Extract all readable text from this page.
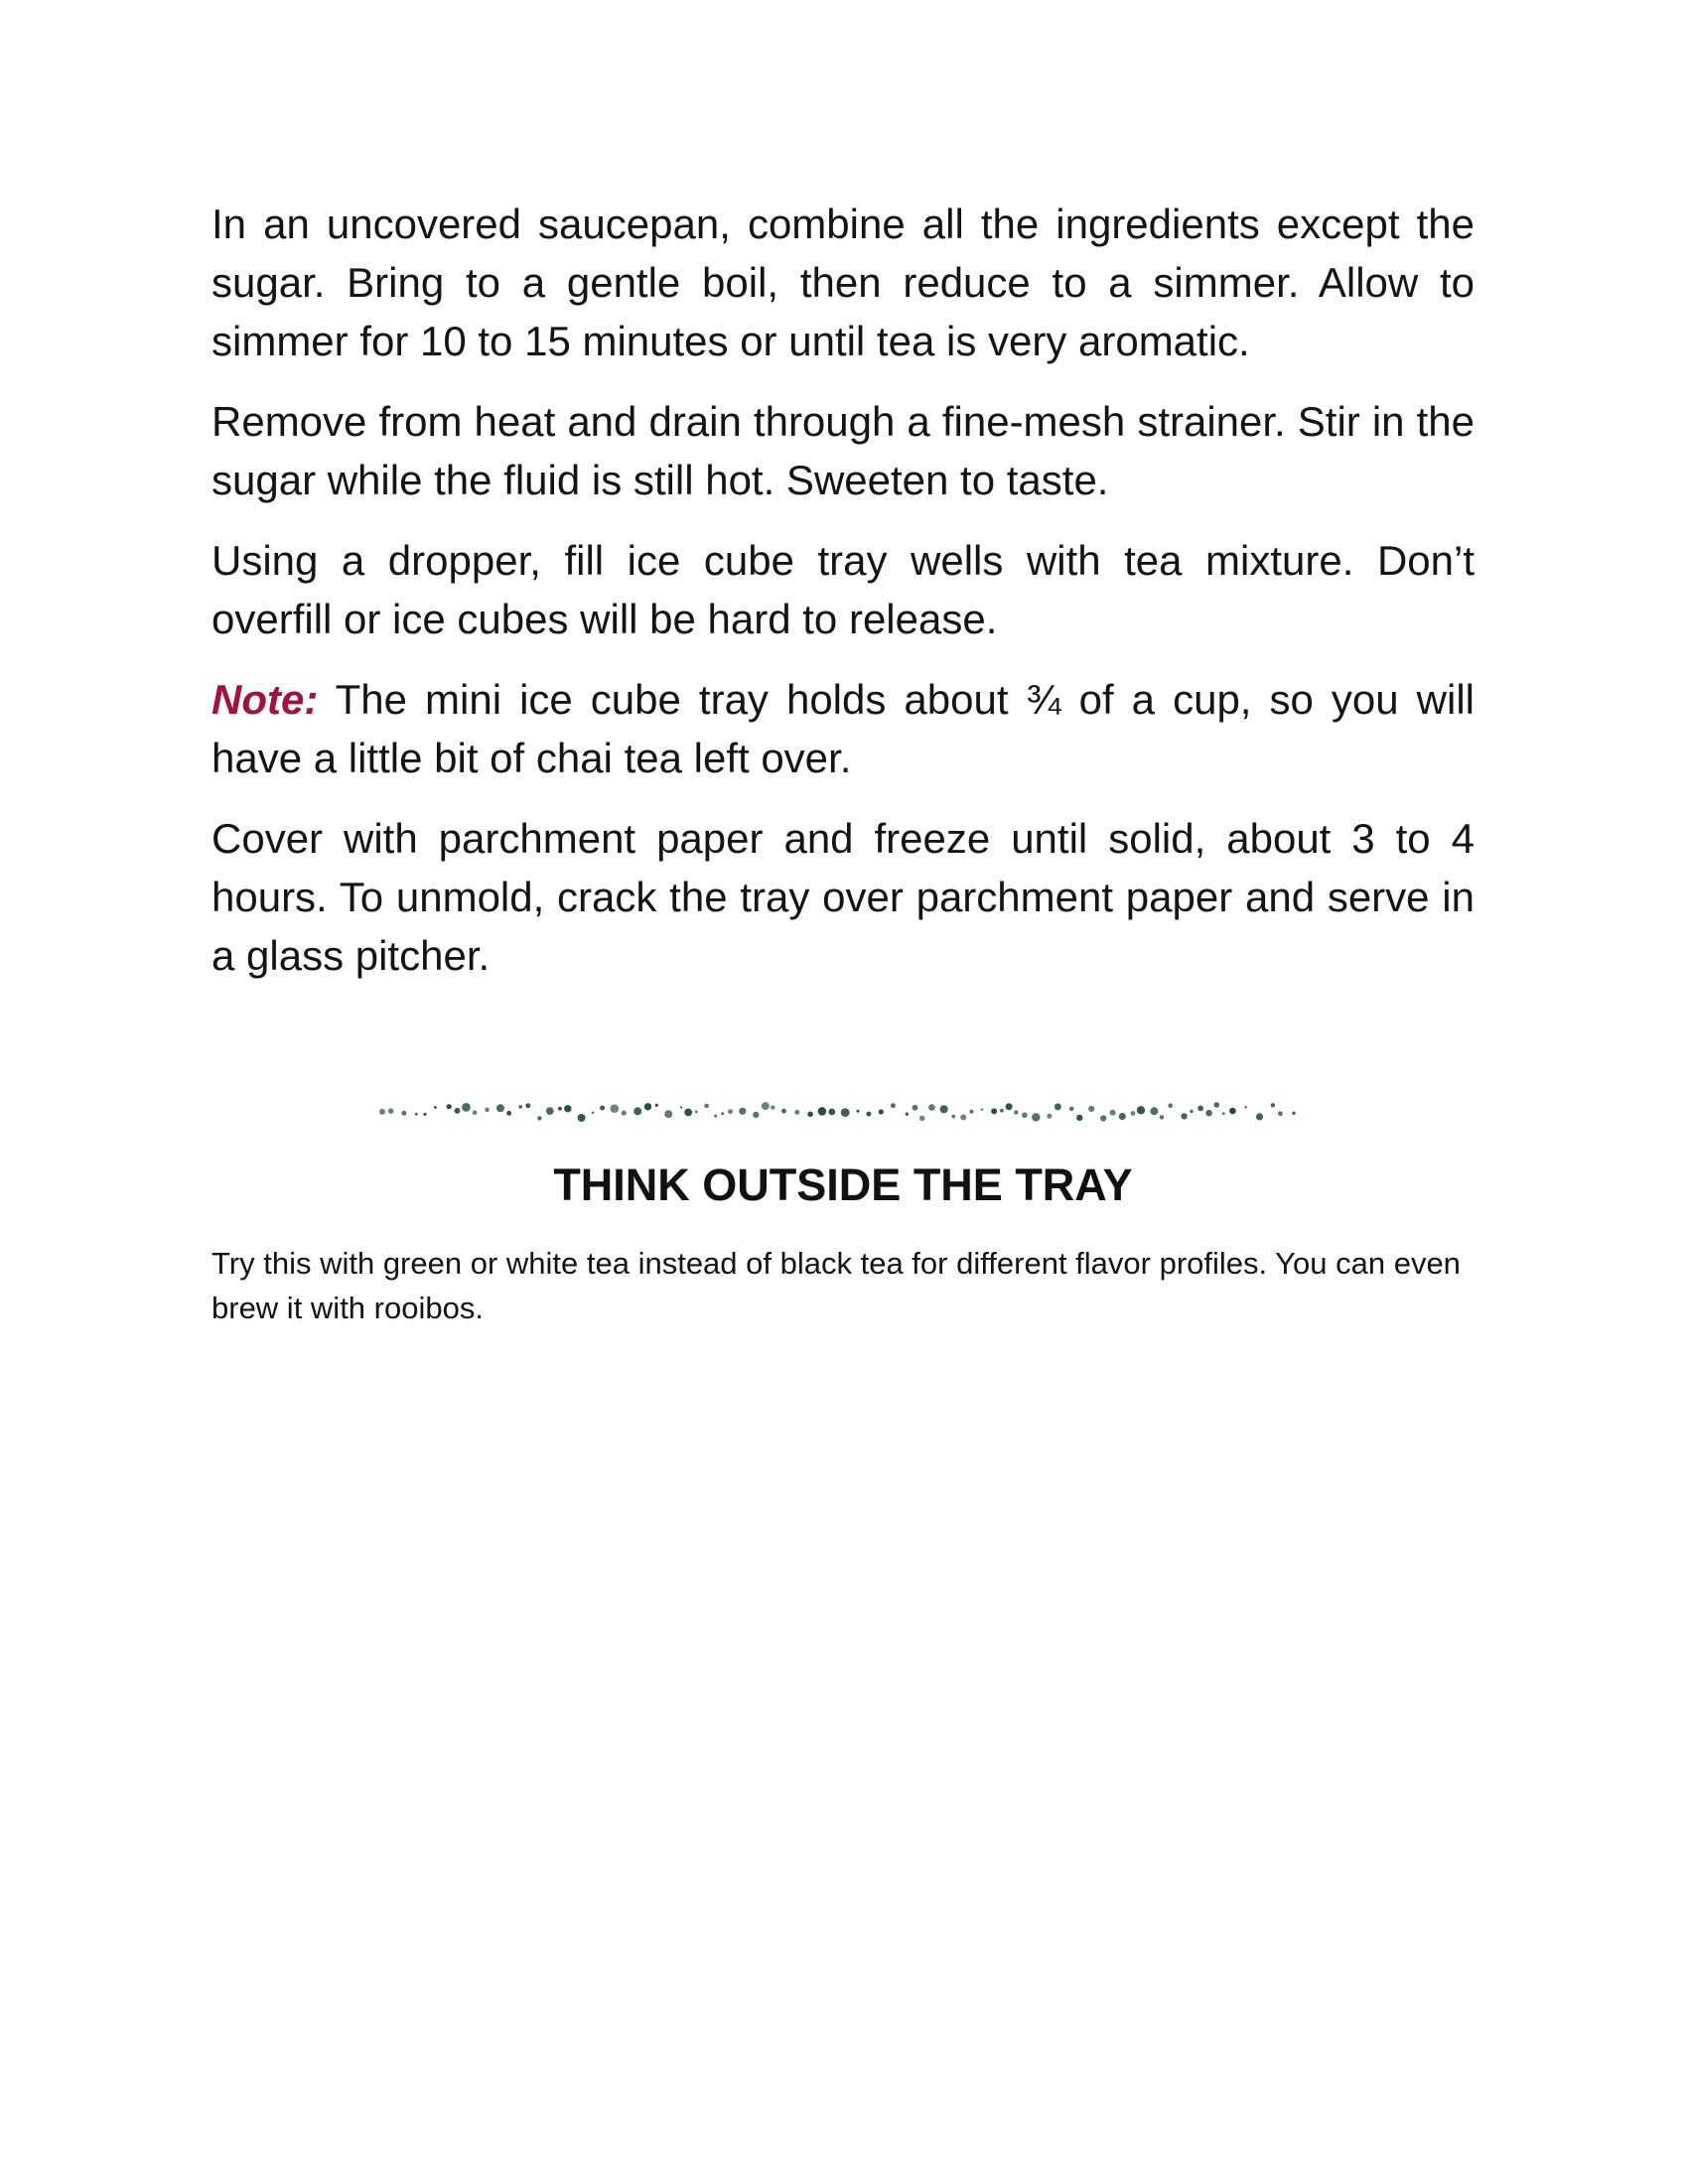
In an uncovered saucepan, combine all the ingredients except the sugar. Bring to a gentle boil, then reduce to a simmer. Allow to simmer for 10 to 15 minutes or until tea is very aromatic.

Remove from heat and drain through a fine-mesh strainer. Stir in the sugar while the fluid is still hot. Sweeten to taste.

Using a dropper, fill ice cube tray wells with tea mixture. Don’t overfill or ice cubes will be hard to release.

Note: The mini ice cube tray holds about ¾ of a cup, so you will have a little bit of chai tea left over.

Cover with parchment paper and freeze until solid, about 3 to 4 hours. To unmold, crack the tray over parchment paper and serve in a glass pitcher.

THINK OUTSIDE THE TRAY

Try this with green or white tea instead of black tea for different flavor profiles. You can even brew it with rooibos.
